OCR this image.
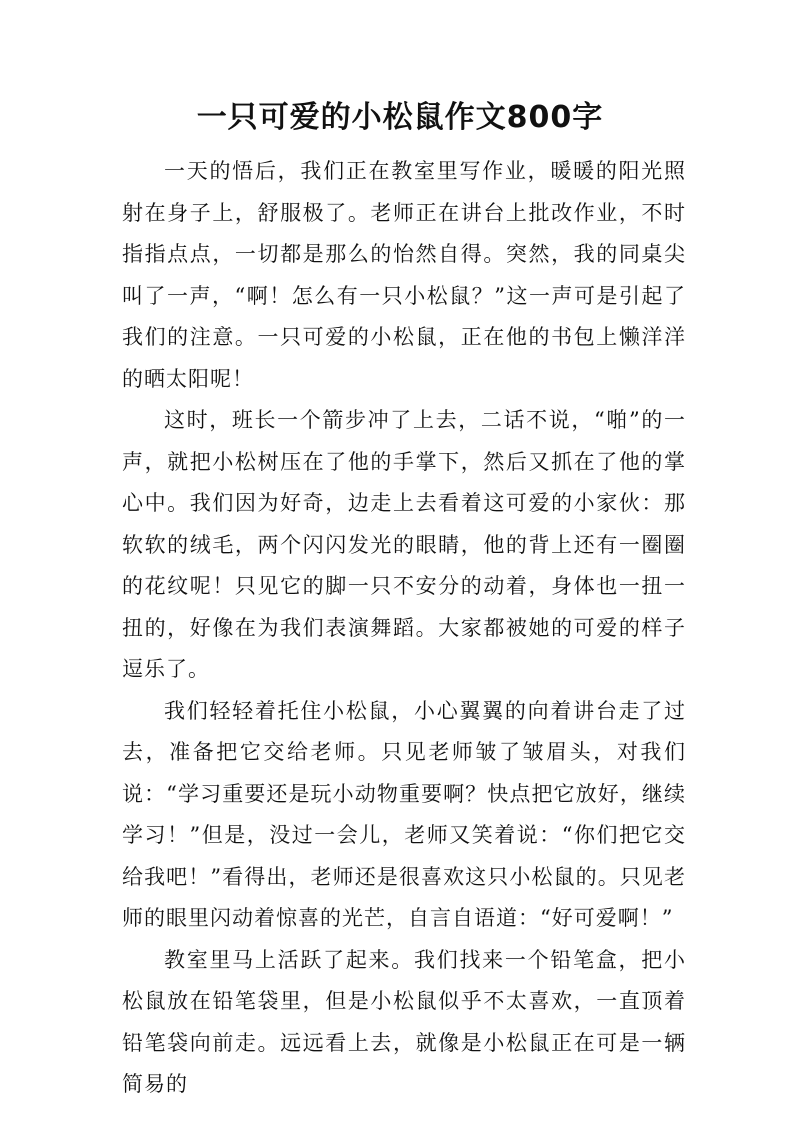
一只可爱的小松鼠作文800字

一天的悟后，我们正在教室里写作业，暖暖的阳光照射在身子上，舒服极了。老师正在讲台上批改作业，不时指指点点，一切都是那么的怡然自得。突然，我的同桌尖叫了一声，“啊！怎么有一只小松鼠？”这一声可是引起了我们的注意。一只可爱的小松鼠，正在他的书包上懒洋洋的晒太阳呢！

这时，班长一个箭步冲了上去，二话不说，“啪”的一声，就把小松树压在了他的手掌下，然后又抓在了他的掌心中。我们因为好奇，边走上去看着这可爱的小家伙：那软软的绒毛，两个闪闪发光的眼睛，他的背上还有一圈圈的花纹呢！只见它的脚一只不安分的动着，身体也一扭一扭的，好像在为我们表演舞蹈。大家都被她的可爱的样子逗乐了。

我们轻轻着托住小松鼠，小心翼翼的向着讲台走了过去，准备把它交给老师。只见老师皱了皱眉头，对我们说：“学习重要还是玩小动物重要啊？快点把它放好，继续学习！”但是，没过一会儿，老师又笑着说：“你们把它交给我吧！”看得出，老师还是很喜欢这只小松鼠的。只见老师的眼里闪动着惊喜的光芒，自言自语道：“好可爱啊！”

教室里马上活跃了起来。我们找来一个铅笔盒，把小松鼠放在铅笔袋里，但是小松鼠似乎不太喜欢，一直顶着铅笔袋向前走。远远看上去，就像是小松鼠正在可是一辆简易的
